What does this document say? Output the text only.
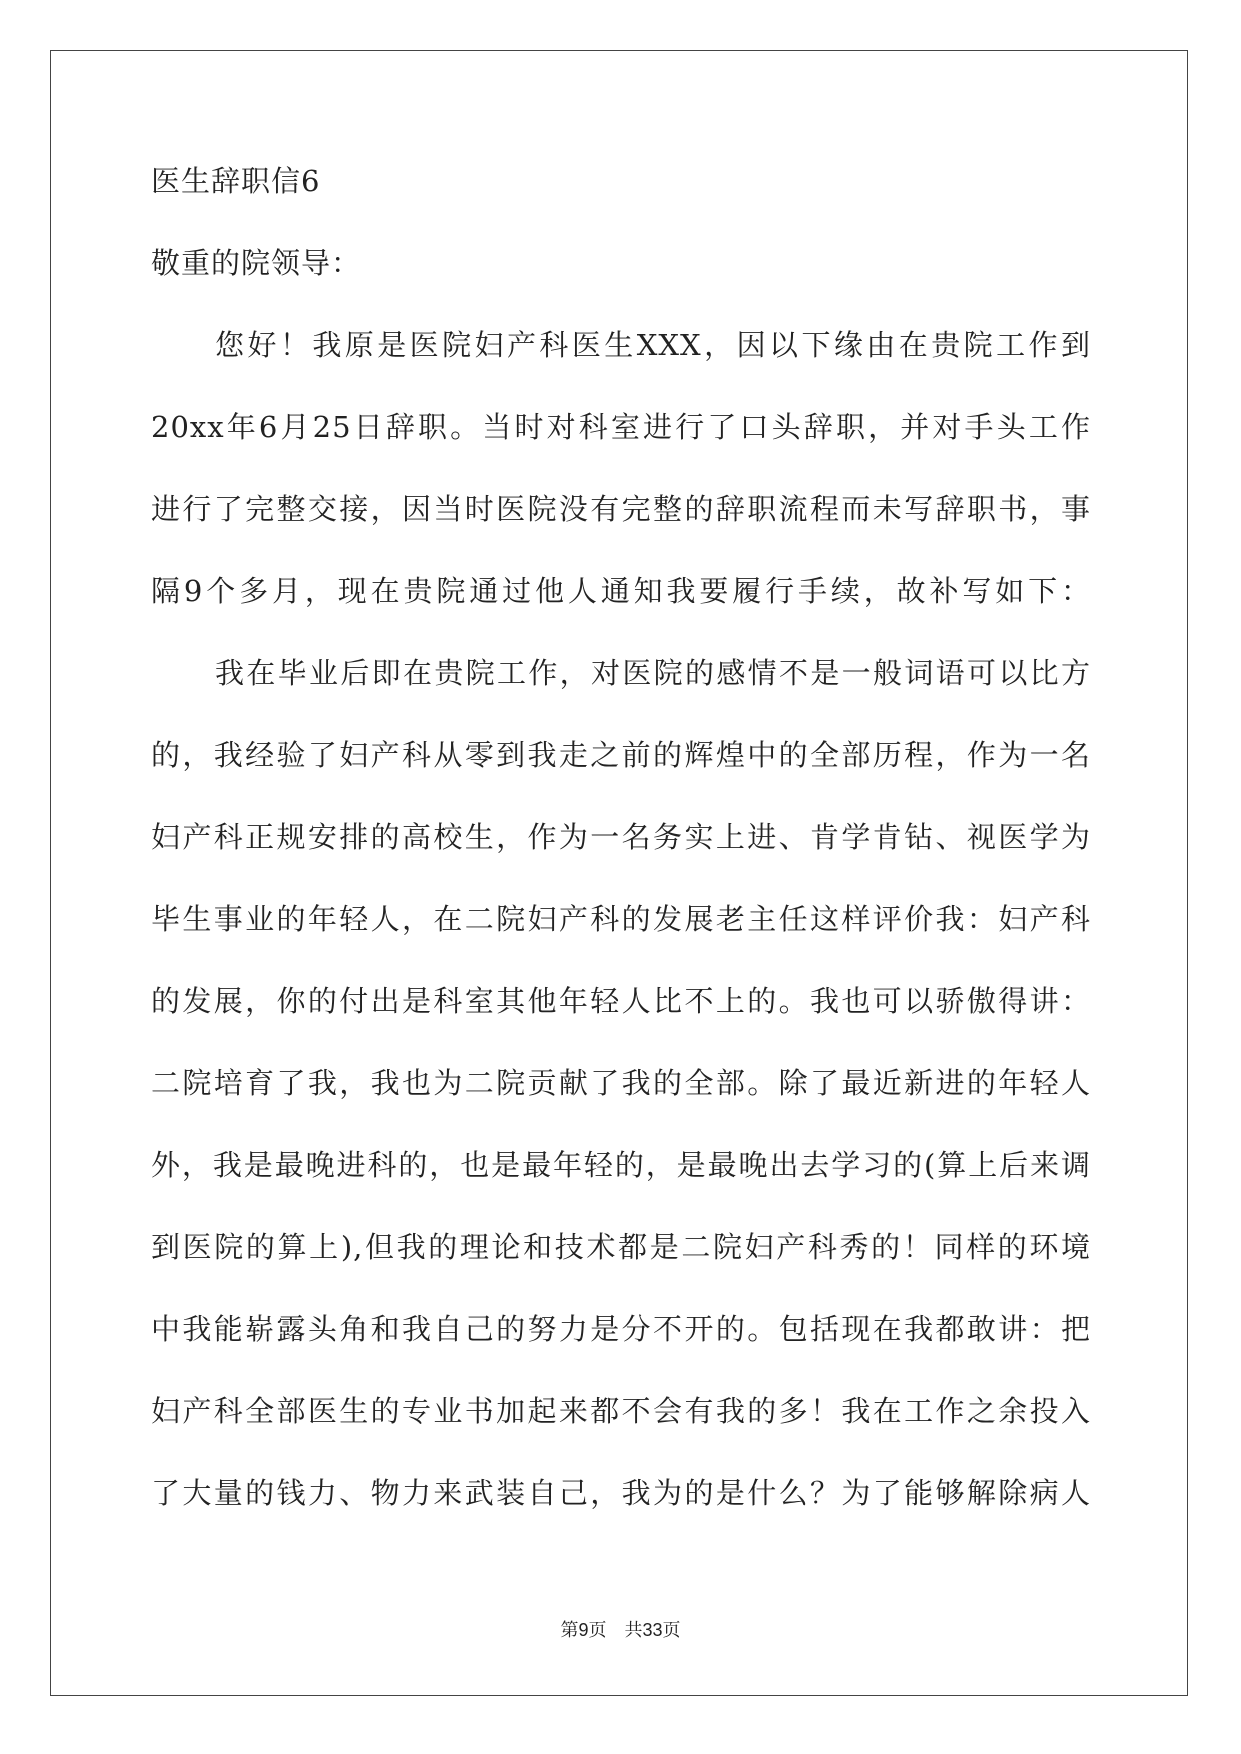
医生辞职信6
敬重的院领导：
您好！我原是医院妇产科医生XXX，因以下缘由在贵院工作到
20xx年6月25日辞职。当时对科室进行了口头辞职，并对手头工作
进行了完整交接，因当时医院没有完整的辞职流程而未写辞职书，事
隔9个多月，现在贵院通过他人通知我要履行手续，故补写如下：
我在毕业后即在贵院工作，对医院的感情不是一般词语可以比方
的，我经验了妇产科从零到我走之前的辉煌中的全部历程，作为一名
妇产科正规安排的高校生，作为一名务实上进、肯学肯钻、视医学为
毕生事业的年轻人，在二院妇产科的发展老主任这样评价我：妇产科
的发展，你的付出是科室其他年轻人比不上的。我也可以骄傲得讲：
二院培育了我，我也为二院贡献了我的全部。除了最近新进的年轻人
外，我是最晚进科的，也是最年轻的，是最晚出去学习的(算上后来调
到医院的算上),但我的理论和技术都是二院妇产科秀的！同样的环境
中我能崭露头角和我自己的努力是分不开的。包括现在我都敢讲：把
妇产科全部医生的专业书加起来都不会有我的多！我在工作之余投入
了大量的钱力、物力来武装自己，我为的是什么？为了能够解除病人
第9页　共33页
